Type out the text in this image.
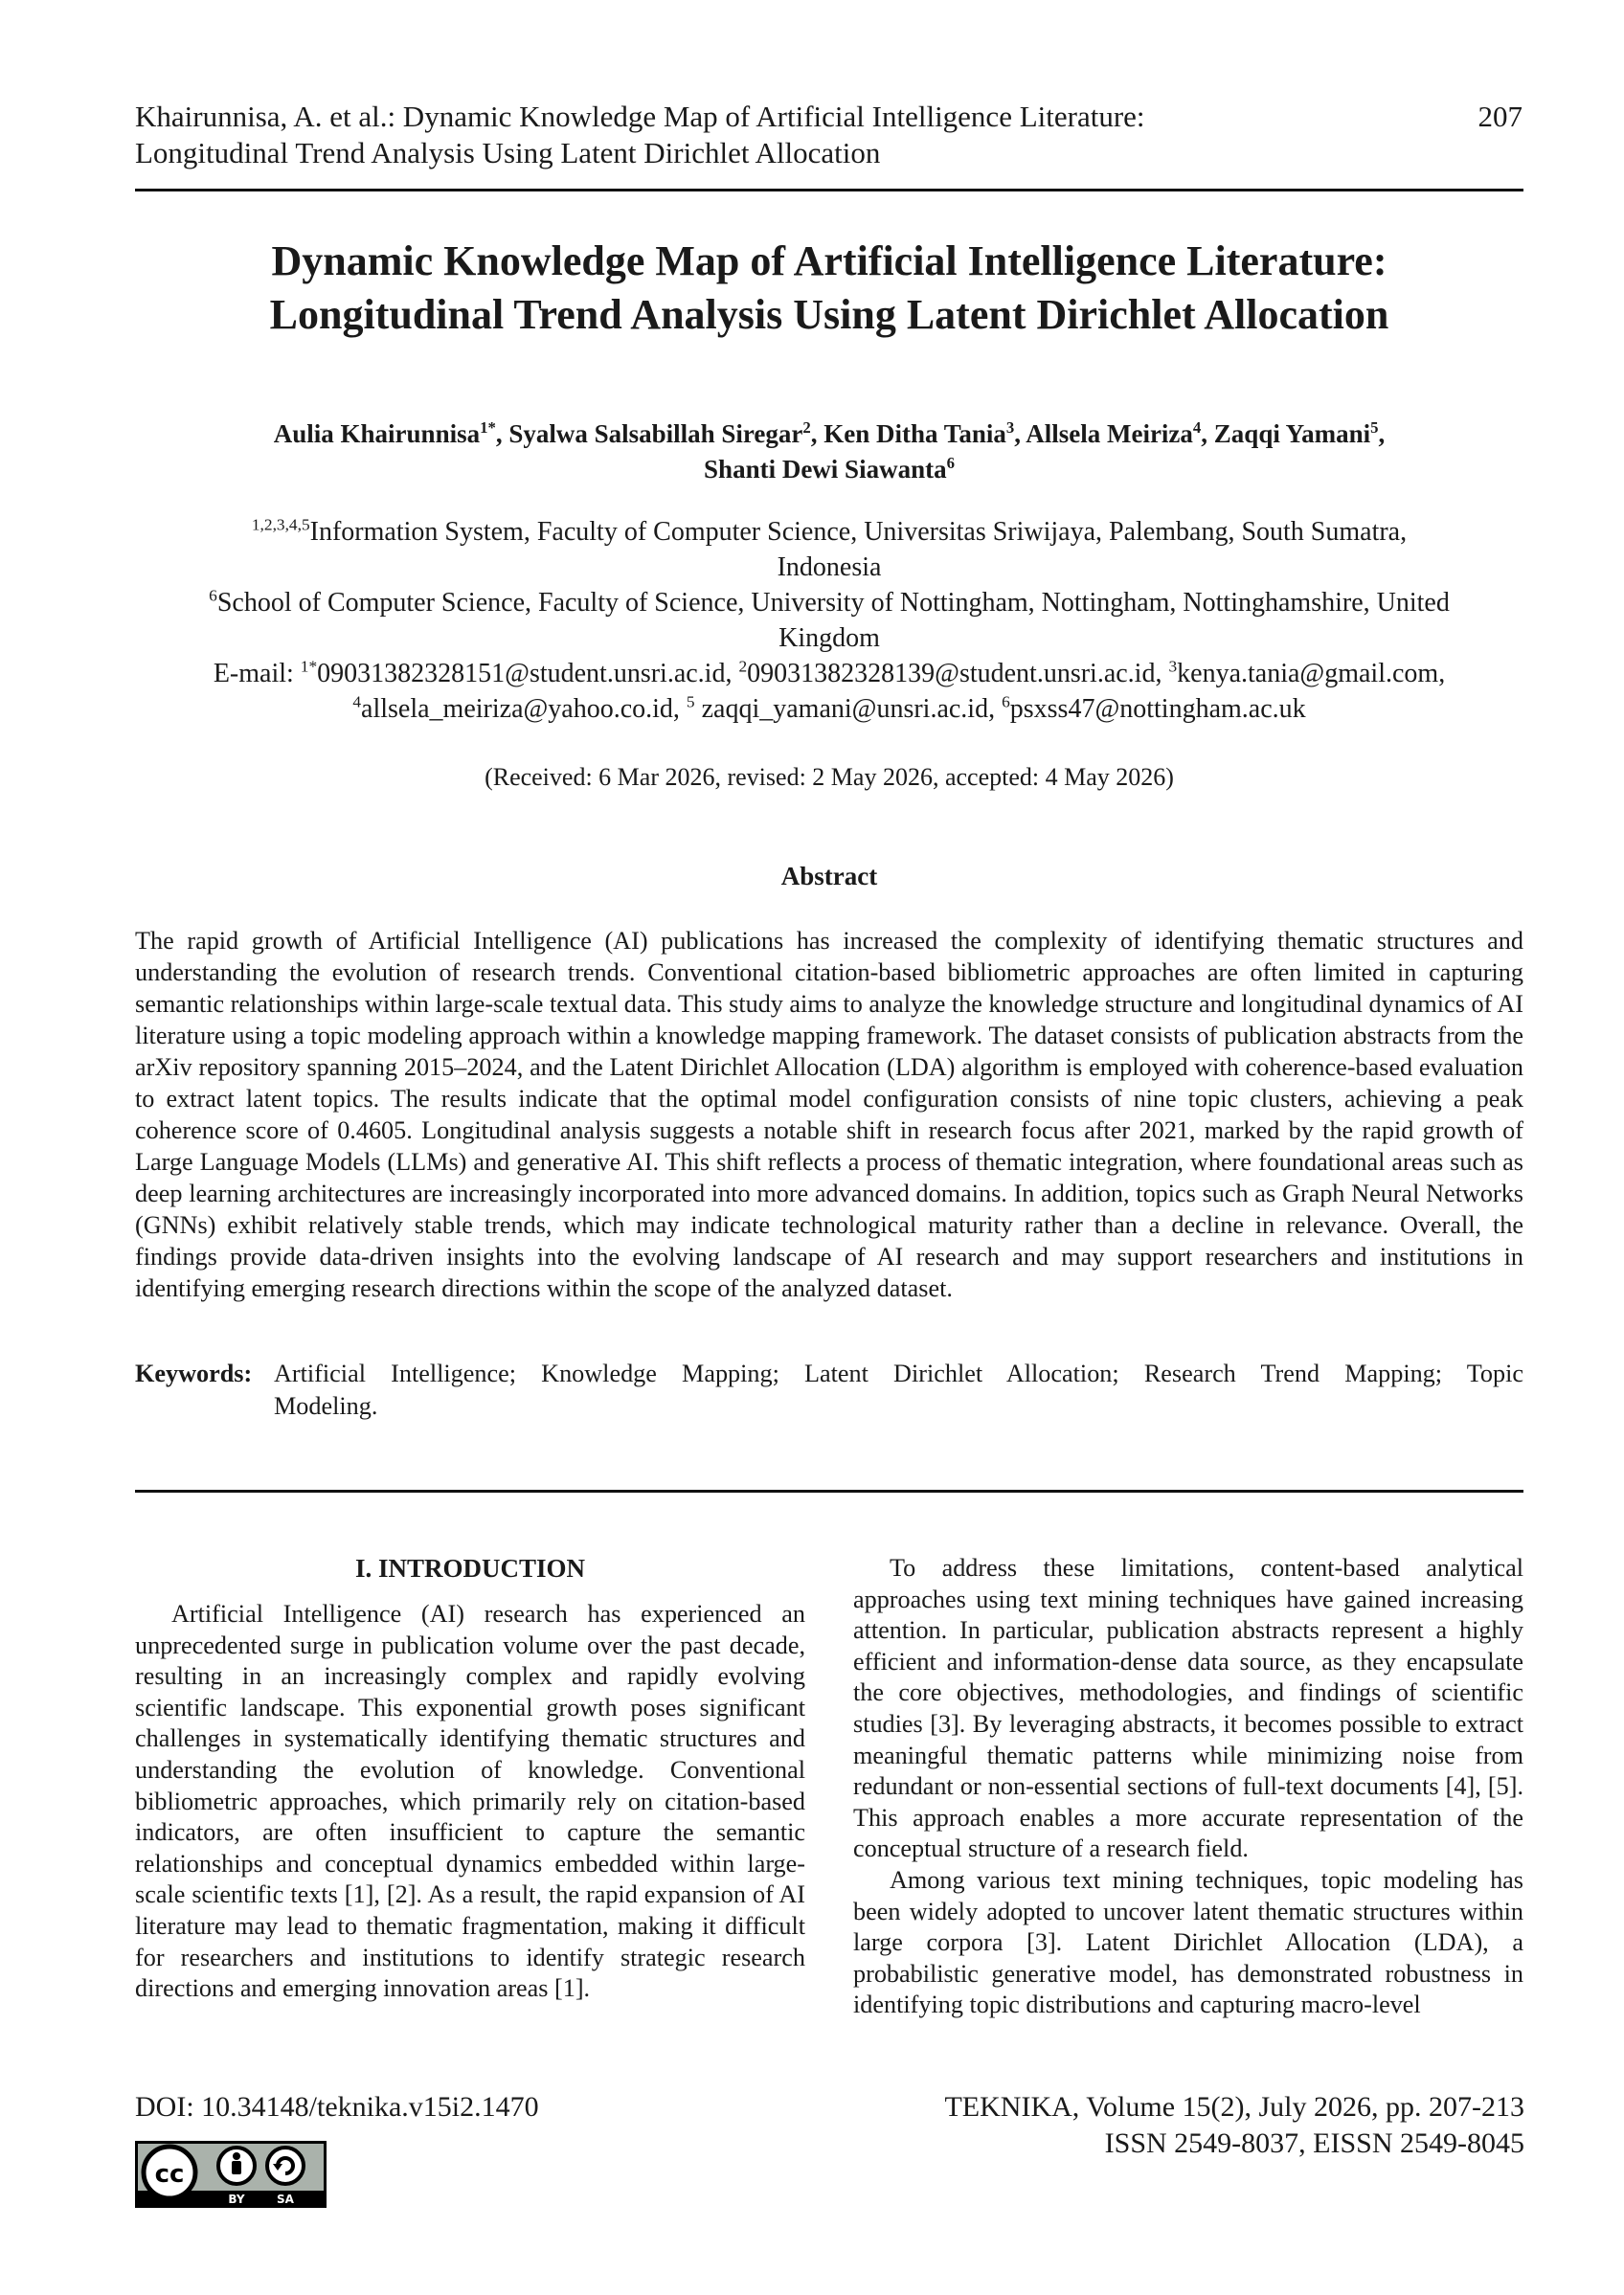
Khairunnisa, A. et al.: Dynamic Knowledge Map of Artificial Intelligence Literature:
Longitudinal Trend Analysis Using Latent Dirichlet Allocation
207
Dynamic Knowledge Map of Artificial Intelligence Literature:
Longitudinal Trend Analysis Using Latent Dirichlet Allocation
Aulia Khairunnisa$^{1*}$, Syalwa Salsabillah Siregar$^2$, Ken Ditha Tania$^3$, Allsela Meiriza$^4$, Zaqqi Yamani$^5$,
Shanti Dewi Siawanta$^6$
$^{1,2,3,4,5}$Information System, Faculty of Computer Science, Universitas Sriwijaya, Palembang, South Sumatra,
Indonesia
$^6$School of Computer Science, Faculty of Science, University of Nottingham, Nottingham, Nottinghamshire, United
Kingdom
E-mail: $^{1*}$09031382328151@student.unsri.ac.id, $^2$09031382328139@student.unsri.ac.id, $^3$kenya.tania@gmail.com,
$^4$allsela_meiriza@yahoo.co.id, $^5$ zaqqi_yamani@unsri.ac.id, $^6$psxss47@nottingham.ac.uk
(Received: 6 Mar 2026, revised: 2 May 2026, accepted: 4 May 2026)
Abstract
The rapid growth of Artificial Intelligence (AI) publications has increased the complexity of identifying thematic structures and understanding the evolution of research trends. Conventional citation-based bibliometric approaches are often limited in capturing semantic relationships within large-scale textual data. This study aims to analyze the knowledge structure and longitudinal dynamics of AI literature using a topic modeling approach within a knowledge mapping framework. The dataset consists of publication abstracts from the arXiv repository spanning 2015–2024, and the Latent Dirichlet Allocation (LDA) algorithm is employed with coherence-based evaluation to extract latent topics. The results indicate that the optimal model configuration consists of nine topic clusters, achieving a peak coherence score of 0.4605. Longitudinal analysis suggests a notable shift in research focus after 2021, marked by the rapid growth of Large Language Models (LLMs) and generative AI. This shift reflects a process of thematic integration, where foundational areas such as deep learning architectures are increasingly incorporated into more advanced domains. In addition, topics such as Graph Neural Networks (GNNs) exhibit relatively stable trends, which may indicate technological maturity rather than a decline in relevance. Overall, the findings provide data-driven insights into the evolving landscape of AI research and may support researchers and institutions in identifying emerging research directions within the scope of the analyzed dataset.
Keywords: Artificial Intelligence; Knowledge Mapping; Latent Dirichlet Allocation; Research Trend Mapping; Topic
Modeling.
I. INTRODUCTION

Artificial Intelligence (AI) research has experienced an unprecedented surge in publication volume over the past decade, resulting in an increasingly complex and rapidly evolving scientific landscape. This exponential growth poses significant challenges in systematically identifying thematic structures and understanding the evolution of knowledge. Conventional bibliometric approaches, which primarily rely on citation-based indicators, are often insufficient to capture the semantic relationships and conceptual dynamics embedded within large-scale scientific texts [1], [2]. As a result, the rapid expansion of AI literature may lead to thematic fragmentation, making it difficult for researchers and institutions to identify strategic research directions and emerging innovation areas [1].

To address these limitations, content-based analytical approaches using text mining techniques have gained increasing attention. In particular, publication abstracts represent a highly efficient and information-dense data source, as they encapsulate the core objectives, methodologies, and findings of scientific studies [3]. By leveraging abstracts, it becomes possible to extract meaningful thematic patterns while minimizing noise from redundant or non-essential sections of full-text documents [4], [5]. This approach enables a more accurate representation of the conceptual structure of a research field.

Among various text mining techniques, topic modeling has been widely adopted to uncover latent thematic structures within large corpora [3]. Latent Dirichlet Allocation (LDA), a probabilistic generative model, has demonstrated robustness in identifying topic distributions and capturing macro-level

DOI: 10.34148/teknika.v15i2.1470	TEKNIKA, Volume 15(2), July 2026, pp. 207-213
ISSN 2549-8037, EISSN 2549-8045
cc
BY	SA
